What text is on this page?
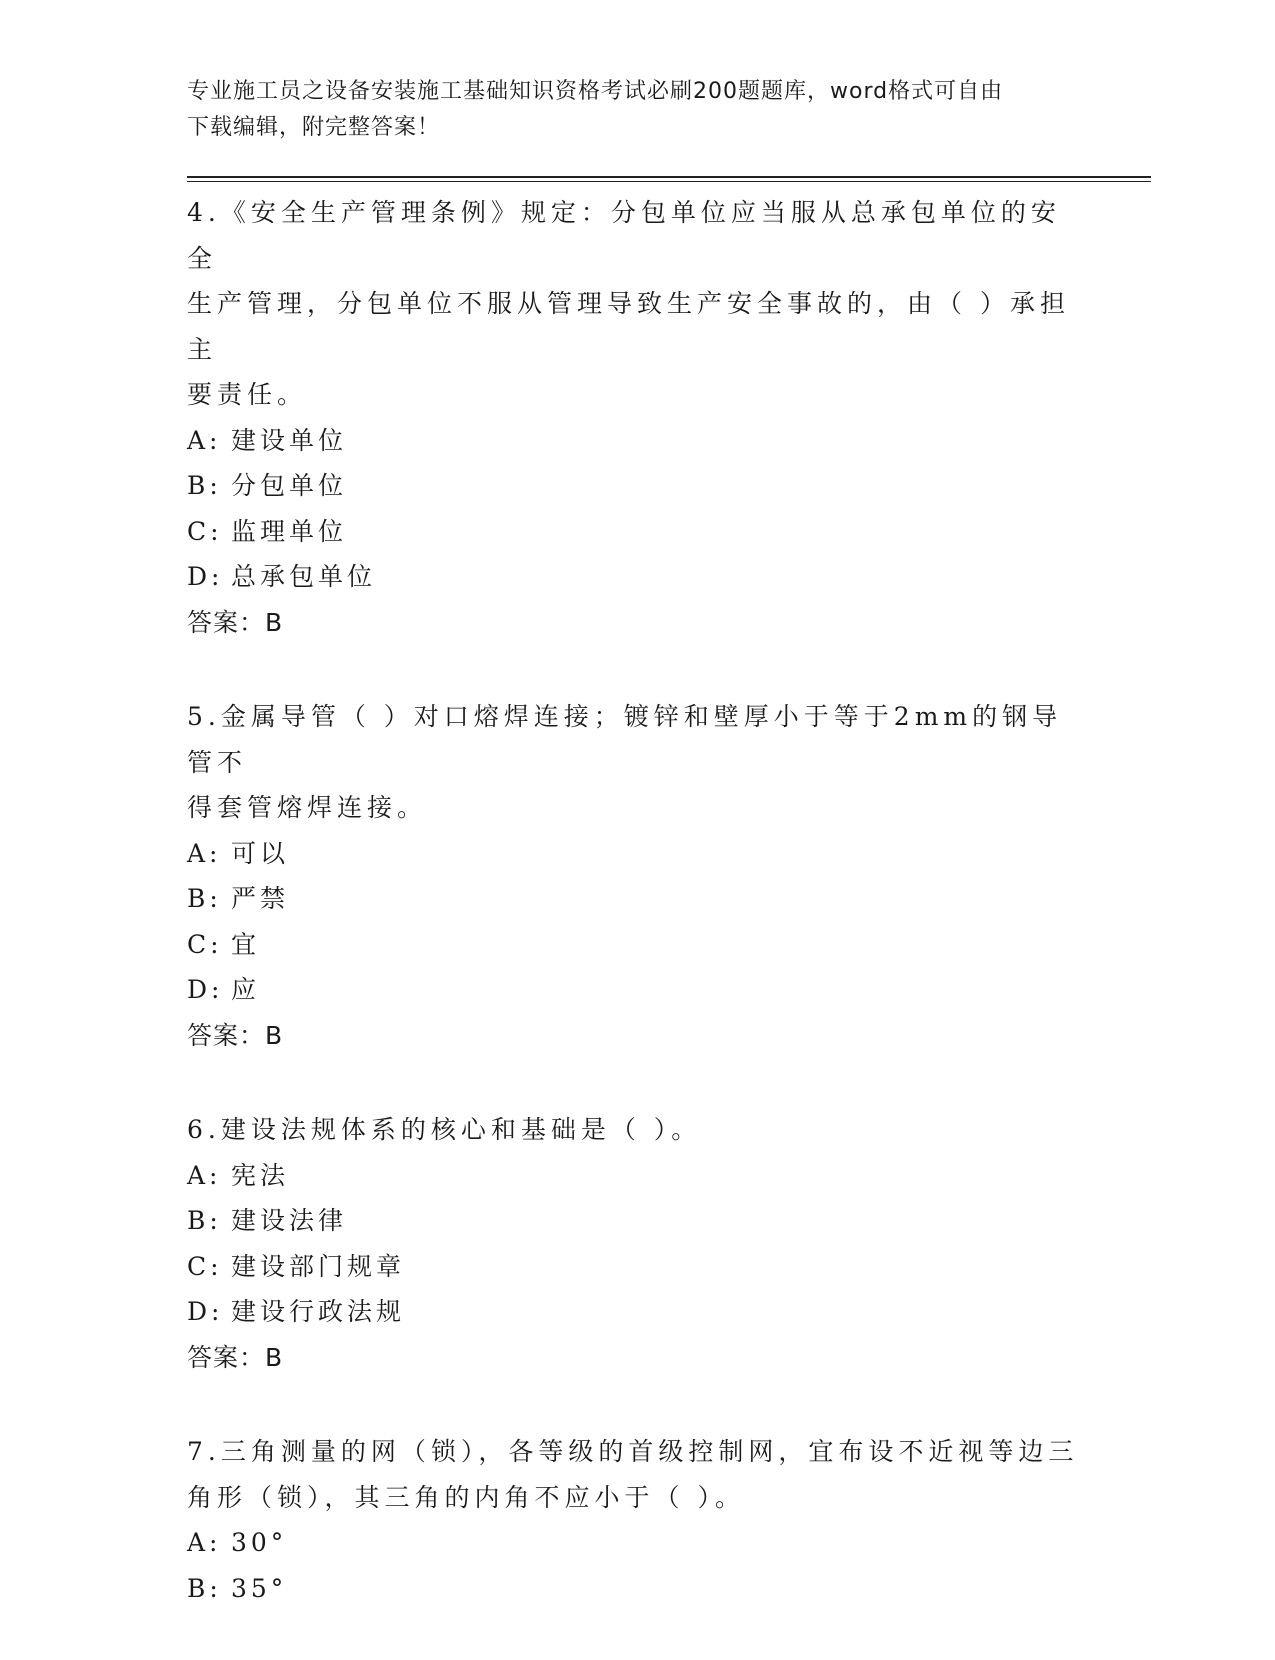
专业施工员之设备安装施工基础知识资格考试必刷200题题库，word格式可自由
下载编辑，附完整答案！

4.《安全生产管理条例》规定：分包单位应当服从总承包单位的安全

生产管理，分包单位不服从管理导致生产安全事故的，由（ ）承担主

要责任。

A: 建设单位

B: 分包单位

C: 监理单位

D: 总承包单位

答案：B

5.金属导管（ ）对口熔焊连接；镀锌和壁厚小于等于2mm的钢导管不

得套管熔焊连接。

A: 可以

B: 严禁

C: 宜

D: 应

答案：B

6.建设法规体系的核心和基础是（ ）。

A: 宪法

B: 建设法律

C: 建设部门规章

D: 建设行政法规

答案：B

7.三角测量的网（锁），各等级的首级控制网，宜布设不近视等边三

角形（锁），其三角的内角不应小于（ ）。

A: 30°

B: 35°
